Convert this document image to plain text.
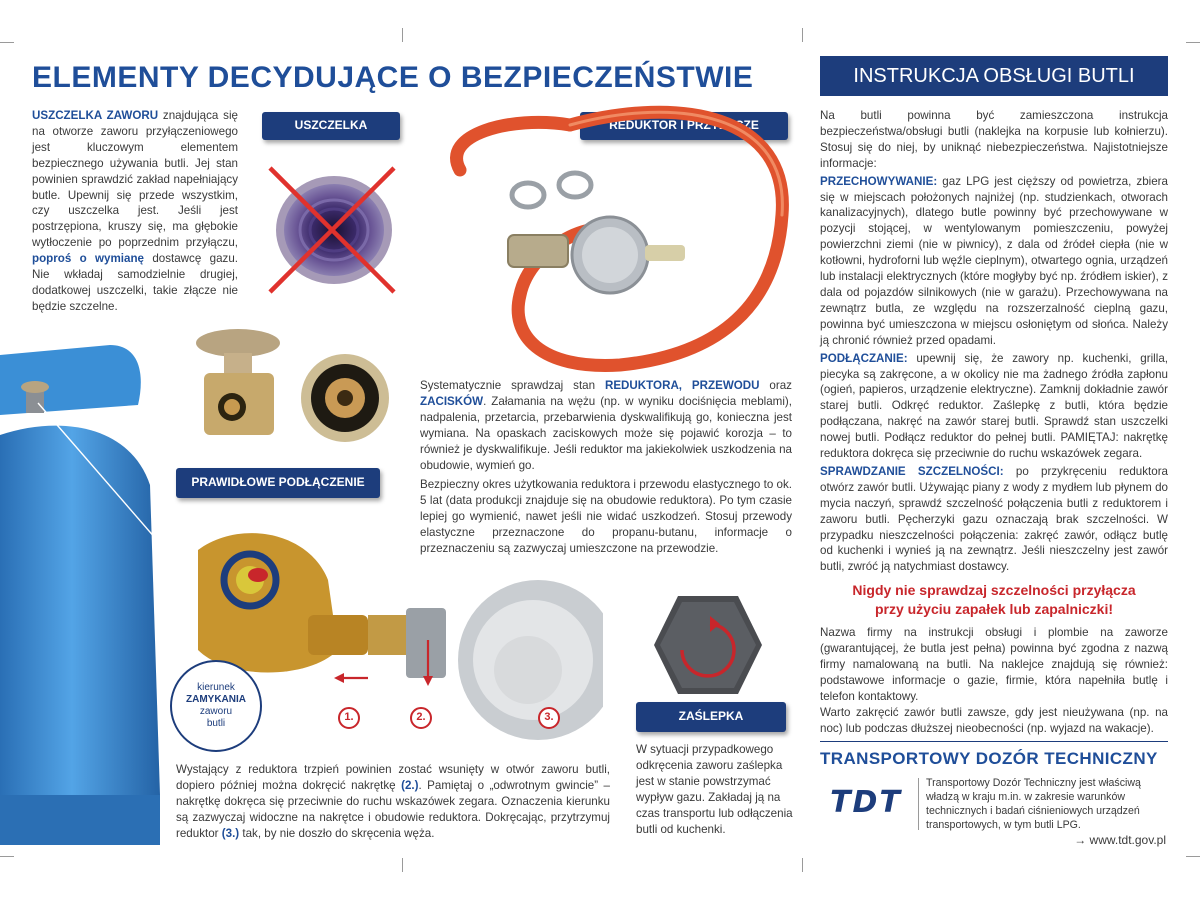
ELEMENTY DECYDUJĄCE O BEZPIECZEŃSTWIE

USZCZELKA ZAWORU znajdująca się na otworze zaworu przyłączeniowego jest kluczowym elementem bezpiecznego używania butli. Jej stan powinien sprawdzić zakład napełniający butle. Upewnij się przede wszystkim, czy uszczelka jest. Jeśli jest postrzępiona, kruszy się, ma głębokie wytłoczenie po poprzednim przyłączu, poproś o wymianę dostawcę gazu. Nie wkładaj samodzielnie drugiej, dodatkowej uszczelki, takie złącze nie będzie szczelne.

USZCZELKA	REDUKTOR I PRZYŁĄCZE
PRAWIDŁOWE PODŁĄCZENIE
kierunek
ZAMYKANIA
zaworu
butli
1.	2.	3.

Systematycznie sprawdzaj stan REDUKTORA, PRZEWODU oraz ZACISKÓW. Załamania na wężu (np. w wyniku dociśnięcia meblami), nadpalenia, przetarcia, przebarwienia dyskwalifikują go, konieczna jest wymiana. Na opaskach zaciskowych może się pojawić korozja – to również je dyskwalifikuje. Jeśli reduktor ma jakiekolwiek uszkodzenia na obudowie, wymień go.

Bezpieczny okres użytkowania reduktora i przewodu elastycznego to ok. 5 lat (data produkcji znajduje się na obudowie reduktora). Po tym czasie lepiej go wymienić, nawet jeśli nie widać uszkodzeń. Stosuj przewody elastyczne przeznaczone do propanu-butanu, informacje o przeznaczeniu są zazwyczaj umieszczone na przewodzie.

ZAŚLEPKA

Wystający z reduktora trzpień powinien zostać wsunięty w otwór zaworu butli, dopiero później można dokręcić nakrętkę (2.). Pamiętaj o „odwrotnym gwincie” – nakrętkę dokręca się przeciwnie do ruchu wskazówek zegara. Oznaczenia kierunku są zazwyczaj widoczne na nakrętce i obudowie reduktora. Dokręcając, przytrzymuj reduktor (3.) tak, by nie doszło do skręcenia węża.

W sytuacji przypadkowego odkręcenia zaworu zaślepka jest w stanie powstrzymać wypływ gazu. Zakładaj ją na czas transportu lub odłączenia butli od kuchenki.

INSTRUKCJA OBSŁUGI BUTLI

Na butli powinna być zamieszczona instrukcja bezpieczeństwa/obsługi butli (naklejka na korpusie lub kołnierzu). Stosuj się do niej, by uniknąć niebezpieczeństwa. Najistotniejsze informacje:

PRZECHOWYWANIE: gaz LPG jest cięższy od powietrza, zbiera się w miejscach położonych najniżej (np. studzienkach, otworach kanalizacyjnych), dlatego butle powinny być przechowywane w pozycji stojącej, w wentylowanym pomieszczeniu, powyżej powierzchni ziemi (nie w piwnicy), z dala od źródeł ciepła (nie w kotłowni, hydroforni lub węźle cieplnym), otwartego ognia, urządzeń lub instalacji elektrycznych (które mogłyby być np. źródłem iskier), z dala od pojazdów silnikowych (nie w garażu). Przechowywana na zewnątrz butla, ze względu na rozszerzalność cieplną gazu, powinna być umieszczona w miejscu osłoniętym od słońca. Należy ją chronić również przed opadami.

PODŁĄCZANIE: upewnij się, że zawory np. kuchenki, grilla, piecyka są zakręcone, a w okolicy nie ma żadnego źródła zapłonu (ogień, papieros, urządzenie elektryczne). Zamknij dokładnie zawór starej butli. Odkręć reduktor. Zaślepkę z butli, która będzie podłączana, nakręć na zawór starej butli. Sprawdź stan uszczelki nowej butli. Podłącz reduktor do pełnej butli. PAMIĘTAJ: nakrętkę reduktora dokręca się przeciwnie do ruchu wskazówek zegara.

SPRAWDZANIE SZCZELNOŚCI: po przykręceniu reduktora otwórz zawór butli. Używając piany z wody z mydłem lub płynem do mycia naczyń, sprawdź szczelność połączenia butli z reduktorem i zaworu butli. Pęcherzyki gazu oznaczają brak szczelności. W przypadku nieszczelności połączenia: zakręć zawór, odłącz butlę od kuchenki i wynieś ją na zewnątrz. Jeśli nieszczelny jest zawór butli, zwróć ją natychmiast dostawcy.

Nigdy nie sprawdzaj szczelności przyłącza
przy użyciu zapałek lub zapalniczki!

Nazwa firmy na instrukcji obsługi i plombie na zaworze (gwarantującej, że butla jest pełna) powinna być zgodna z nazwą firmy namalowaną na butli. Na naklejce znajdują się również: podstawowe informacje o gazie, firmie, która napełniła butlę i telefon kontaktowy.

Warto zakręcić zawór butli zawsze, gdy jest nieużywana (np. na noc) lub podczas dłuższej nieobecności (np. wyjazd na wakacje).

TRANSPORTOWY DOZÓR TECHNICZNY
TDT

Transportowy Dozór Techniczny jest właściwą władzą w kraju m.in. w zakresie warunków technicznych i badań ciśnieniowych urządzeń transportowych, w tym butli LPG.

→ www.tdt.gov.pl
